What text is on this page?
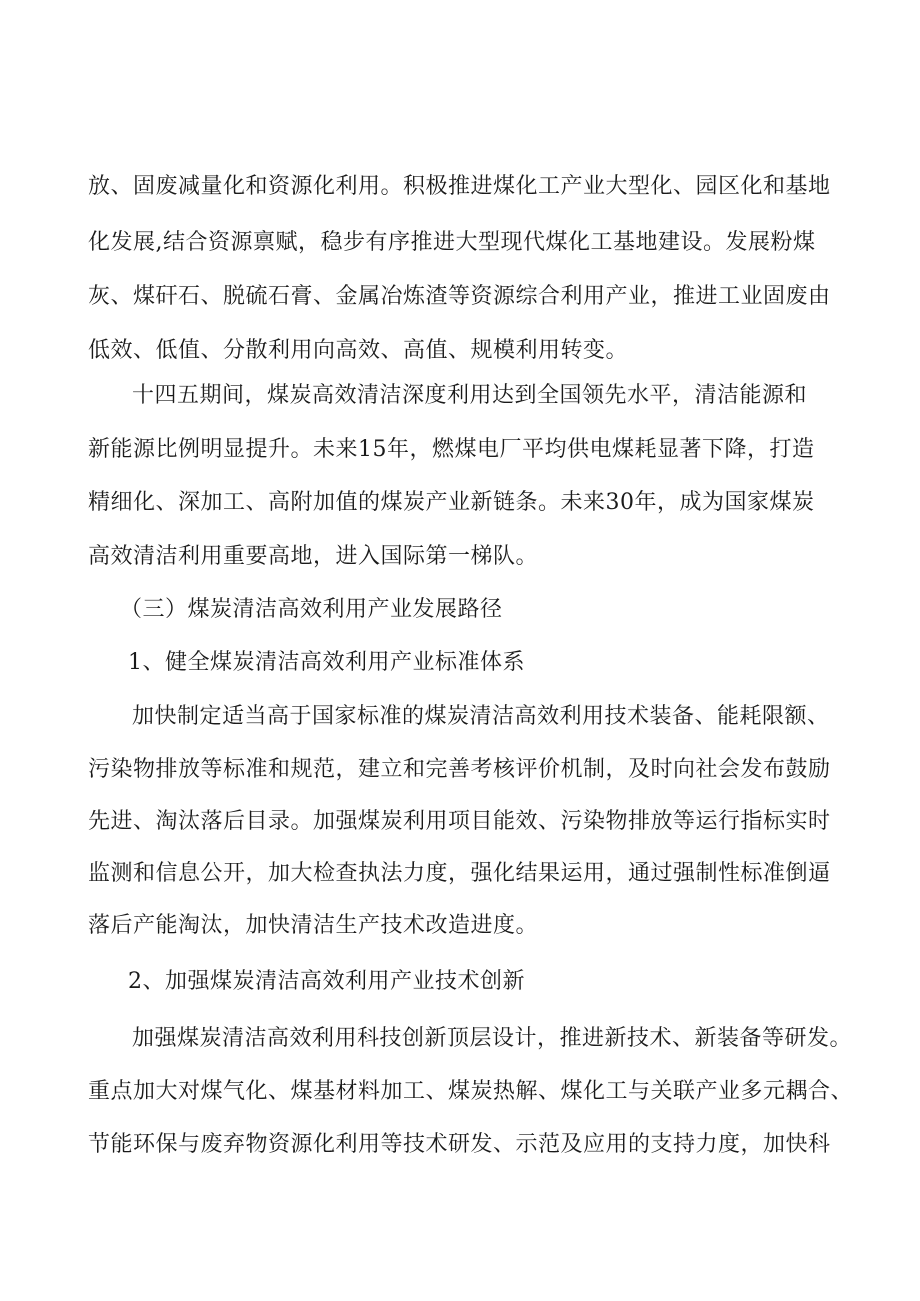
放、固废减量化和资源化利用。积极推进煤化工产业大型化、园区化和基地
化发展,结合资源禀赋，稳步有序推进大型现代煤化工基地建设。发展粉煤
灰、煤矸石、脱硫石膏、金属冶炼渣等资源综合利用产业，推进工业固废由
低效、低值、分散利用向高效、高值、规模利用转变。
十四五期间，煤炭高效清洁深度利用达到全国领先水平，清洁能源和
新能源比例明显提升。未来15年，燃煤电厂平均供电煤耗显著下降，打造
精细化、深加工、高附加值的煤炭产业新链条。未来30年，成为国家煤炭
高效清洁利用重要高地，进入国际第一梯队。
（三）煤炭清洁高效利用产业发展路径
1、健全煤炭清洁高效利用产业标准体系
加快制定适当高于国家标准的煤炭清洁高效利用技术装备、能耗限额、
污染物排放等标准和规范，建立和完善考核评价机制，及时向社会发布鼓励
先进、淘汰落后目录。加强煤炭利用项目能效、污染物排放等运行指标实时
监测和信息公开，加大检查执法力度，强化结果运用，通过强制性标准倒逼
落后产能淘汰，加快清洁生产技术改造进度。
2、加强煤炭清洁高效利用产业技术创新
加强煤炭清洁高效利用科技创新顶层设计，推进新技术、新装备等研发。
重点加大对煤气化、煤基材料加工、煤炭热解、煤化工与关联产业多元耦合、
节能环保与废弃物资源化利用等技术研发、示范及应用的支持力度，加快科
